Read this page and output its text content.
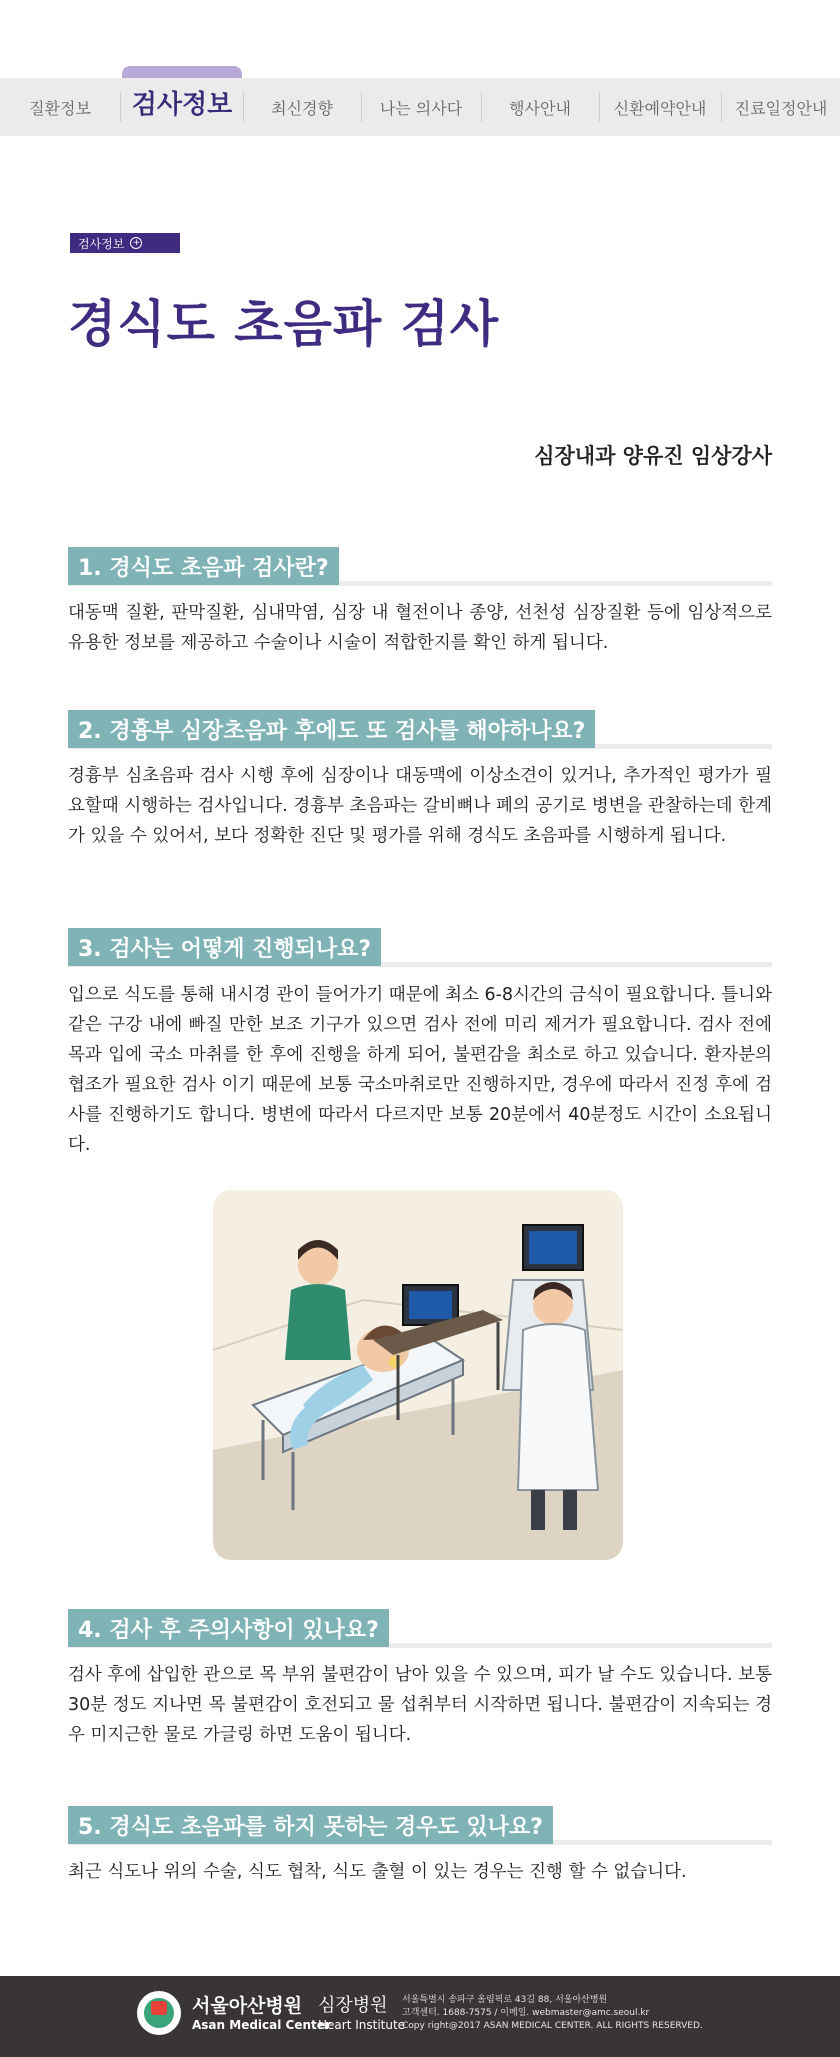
질환정보	검사정보	최신경향	나는 의사다	행사안내	신환예약안내	진료일정안내
검사정보 +
경식도 초음파 검사
심장내과 양유진 임상강사
1. 경식도 초음파 검사란?
대동맥 질환, 판막질환, 심내막염, 심장 내 혈전이나 종양, 선천성 심장질환 등에 임상적으로 유용한 정보를 제공하고 수술이나 시술이 적합한지를 확인 하게 됩니다.
2. 경흉부 심장초음파 후에도 또 검사를 해야하나요?
경흉부 심초음파 검사 시행 후에 심장이나 대동맥에 이상소견이 있거나, 추가적인 평가가 필요할때 시행하는 검사입니다. 경흉부 초음파는 갈비뼈나 폐의 공기로 병변을 관찰하는데 한계가 있을 수 있어서, 보다 정확한 진단 및 평가를 위해 경식도 초음파를 시행하게 됩니다.
3. 검사는 어떻게 진행되나요?
입으로 식도를 통해 내시경 관이 들어가기 때문에 최소 6-8시간의 금식이 필요합니다. 틀니와 같은 구강 내에 빠질 만한 보조 기구가 있으면 검사 전에 미리 제거가 필요합니다. 검사 전에 목과 입에 국소 마취를 한 후에 진행을 하게 되어, 불편감을 최소로 하고 있습니다. 환자분의 협조가 필요한 검사 이기 때문에 보통 국소마취로만 진행하지만, 경우에 따라서 진정 후에 검사를 진행하기도 합니다. 병변에 따라서 다르지만 보통 20분에서 40분정도 시간이 소요됩니다.
4. 검사 후 주의사항이 있나요?
검사 후에 삽입한 관으로 목 부위 불편감이 남아 있을 수 있으며, 피가 날 수도 있습니다. 보통 30분 정도 지나면 목 불편감이 호전되고 물 섭취부터 시작하면 됩니다. 불편감이 지속되는 경우 미지근한 물로 가글링 하면 도움이 됩니다.
5. 경식도 초음파를 하지 못하는 경우도 있나요?
최근 식도나 위의 수술, 식도 협착, 식도 출혈 이 있는 경우는 진행 할 수 없습니다.
서울아산병원
Asan Medical Center
심장병원
Heart Institute
서울특별시 송파구 올림픽로 43길 88, 서울아산병원
고객센터. 1688-7575 / 이메일. webmaster@amc.seoul.kr
Copy right@2017 ASAN MEDICAL CENTER. ALL RIGHTS RESERVED.
